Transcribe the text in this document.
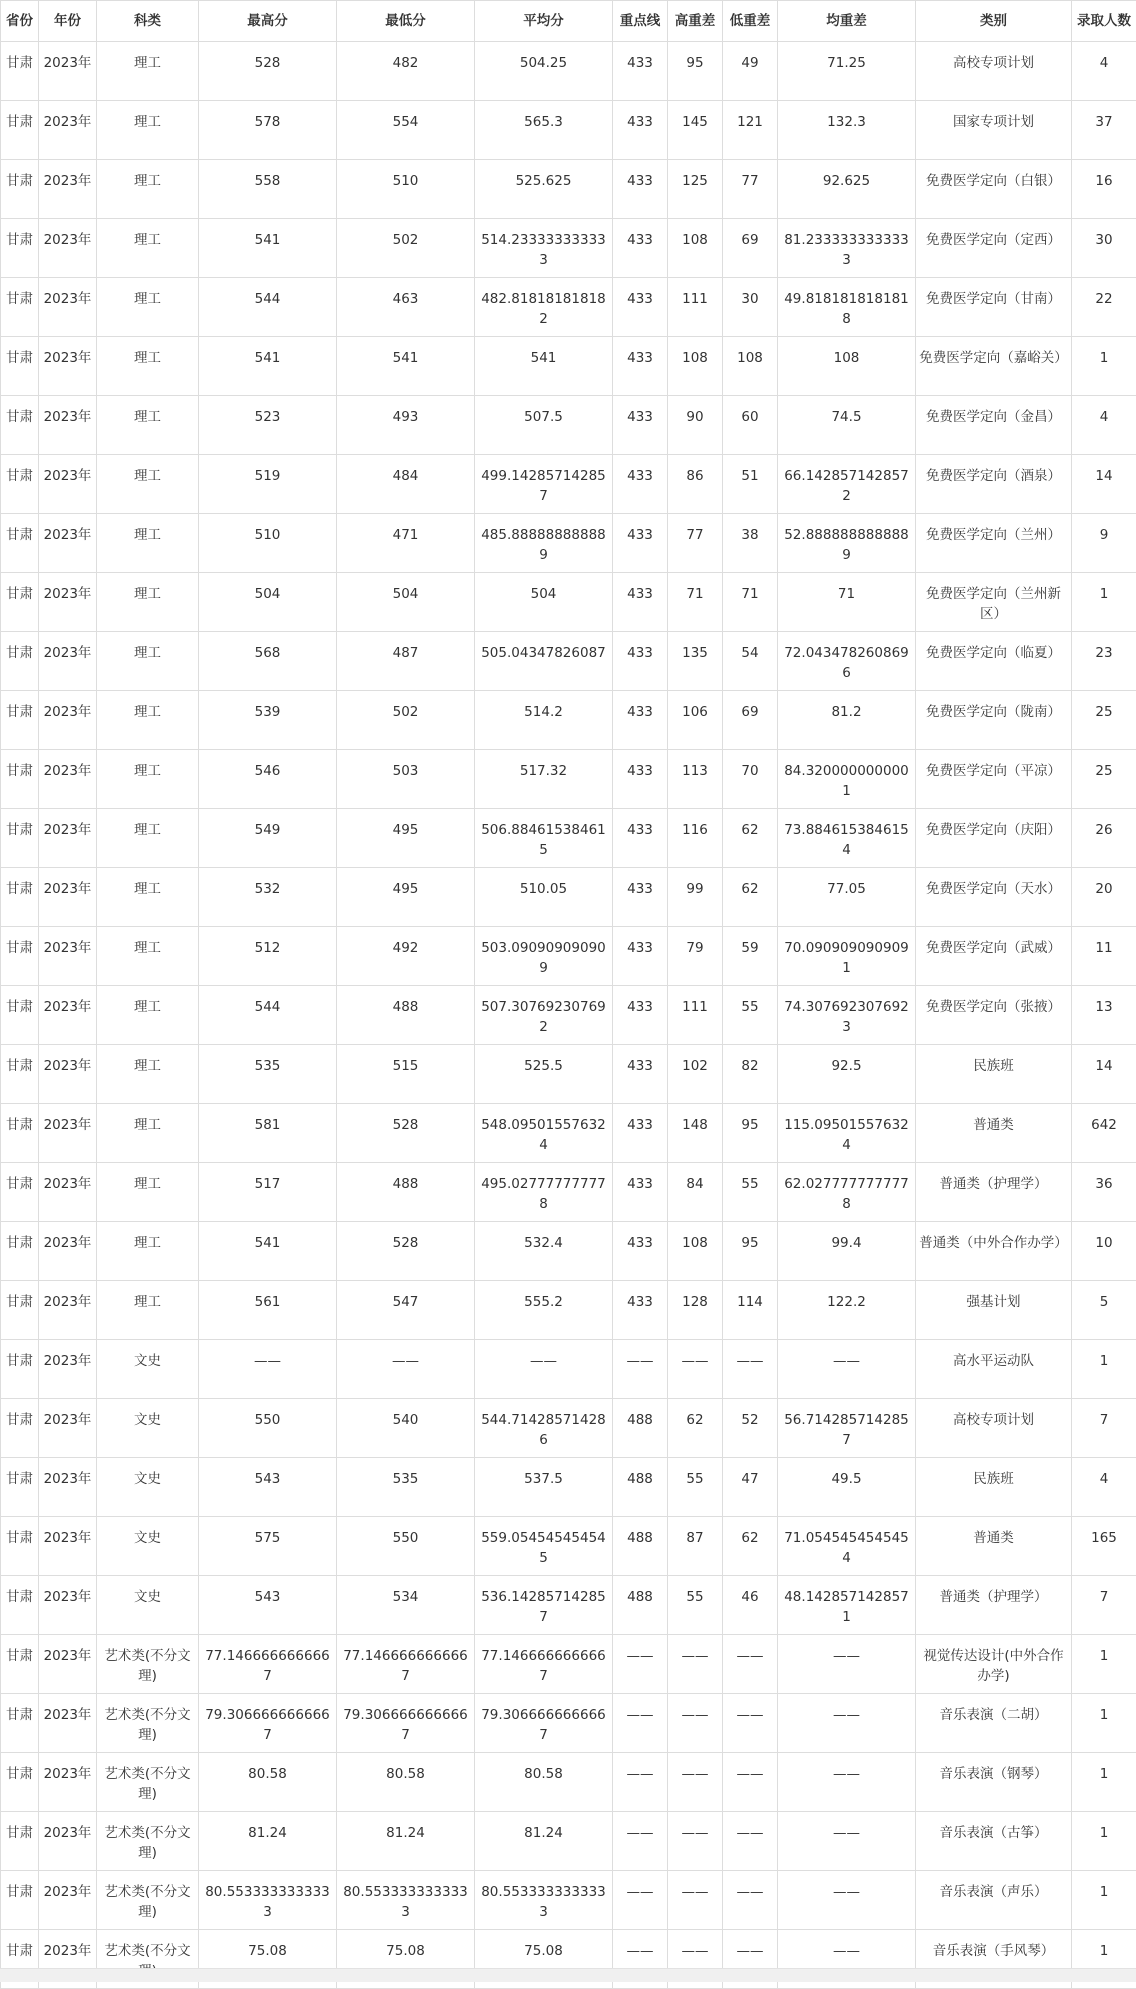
省份	年份	科类	最高分	最低分	平均分	重点线	高重差	低重差	均重差	类别	录取人数
甘肃	2023年	理工	528	482	504.25	433	95	49	71.25	高校专项计划	4
甘肃	2023年	理工	578	554	565.3	433	145	121	132.3	国家专项计划	37
甘肃	2023年	理工	558	510	525.625	433	125	77	92.625	免费医学定向（白银）	16
甘肃	2023年	理工	541	502	514.233333333333	433	108	69	81.2333333333333	免费医学定向（定西）	30
甘肃	2023年	理工	544	463	482.818181818182	433	111	30	49.8181818181818	免费医学定向（甘南）	22
甘肃	2023年	理工	541	541	541	433	108	108	108	免费医学定向（嘉峪关）	1
甘肃	2023年	理工	523	493	507.5	433	90	60	74.5	免费医学定向（金昌）	4
甘肃	2023年	理工	519	484	499.142857142857	433	86	51	66.1428571428572	免费医学定向（酒泉）	14
甘肃	2023年	理工	510	471	485.888888888889	433	77	38	52.8888888888889	免费医学定向（兰州）	9
甘肃	2023年	理工	504	504	504	433	71	71	71	免费医学定向（兰州新区）	1
甘肃	2023年	理工	568	487	505.04347826087	433	135	54	72.0434782608696	免费医学定向（临夏）	23
甘肃	2023年	理工	539	502	514.2	433	106	69	81.2	免费医学定向（陇南）	25
甘肃	2023年	理工	546	503	517.32	433	113	70	84.3200000000001	免费医学定向（平凉）	25
甘肃	2023年	理工	549	495	506.884615384615	433	116	62	73.8846153846154	免费医学定向（庆阳）	26
甘肃	2023年	理工	532	495	510.05	433	99	62	77.05	免费医学定向（天水）	20
甘肃	2023年	理工	512	492	503.090909090909	433	79	59	70.0909090909091	免费医学定向（武威）	11
甘肃	2023年	理工	544	488	507.307692307692	433	111	55	74.3076923076923	免费医学定向（张掖）	13
甘肃	2023年	理工	535	515	525.5	433	102	82	92.5	民族班	14
甘肃	2023年	理工	581	528	548.095015576324	433	148	95	115.095015576324	普通类	642
甘肃	2023年	理工	517	488	495.027777777778	433	84	55	62.0277777777778	普通类（护理学）	36
甘肃	2023年	理工	541	528	532.4	433	108	95	99.4	普通类（中外合作办学）	10
甘肃	2023年	理工	561	547	555.2	433	128	114	122.2	强基计划	5
甘肃	2023年	文史	——	——	——	——	——	——	——	高水平运动队	1
甘肃	2023年	文史	550	540	544.714285714286	488	62	52	56.7142857142857	高校专项计划	7
甘肃	2023年	文史	543	535	537.5	488	55	47	49.5	民族班	4
甘肃	2023年	文史	575	550	559.054545454545	488	87	62	71.0545454545454	普通类	165
甘肃	2023年	文史	543	534	536.142857142857	488	55	46	48.1428571428571	普通类（护理学）	7
甘肃	2023年	艺术类(不分文理)	77.1466666666667	77.1466666666667	77.1466666666667	——	——	——	——	视觉传达设计(中外合作办学)	1
甘肃	2023年	艺术类(不分文理)	79.3066666666667	79.3066666666667	79.3066666666667	——	——	——	——	音乐表演（二胡）	1
甘肃	2023年	艺术类(不分文理)	80.58	80.58	80.58	——	——	——	——	音乐表演（钢琴）	1
甘肃	2023年	艺术类(不分文理)	81.24	81.24	81.24	——	——	——	——	音乐表演（古筝）	1
甘肃	2023年	艺术类(不分文理)	80.5533333333333	80.5533333333333	80.5533333333333	——	——	——	——	音乐表演（声乐）	1
甘肃	2023年	艺术类(不分文	75.08	75.08	75.08	——	——	——	——	音乐表演（手风琴）	1
